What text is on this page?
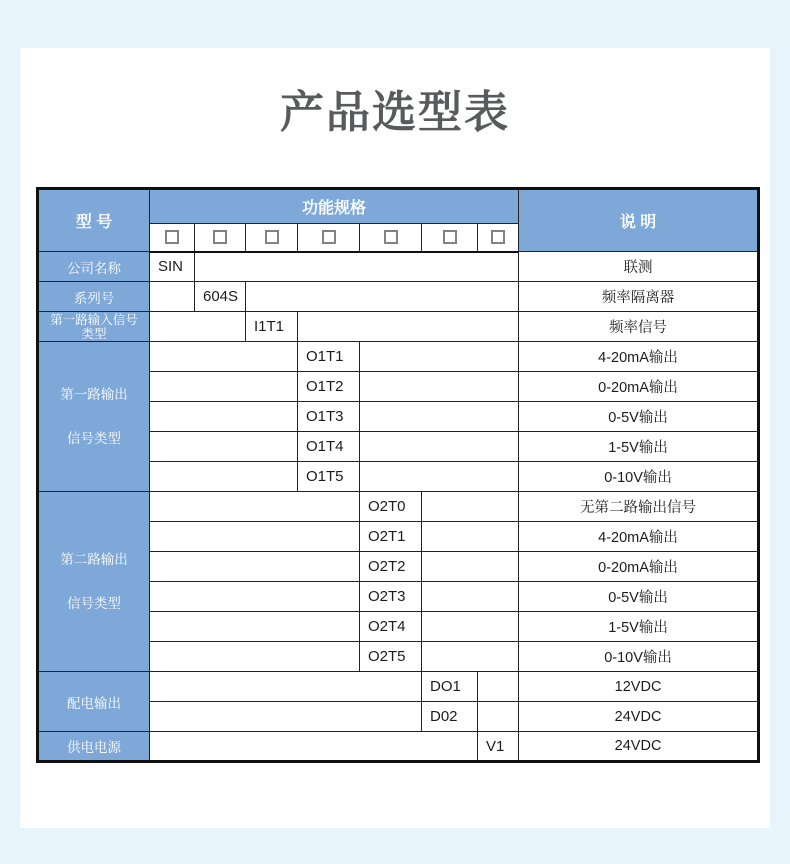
产品选型表
型 号	功能规格							说 明

公司名称	SIN							联测

系列号		604S						频率隔离器

第一路输入信号
类型			I1T1					频率信号

第一路输出
信号类型				O1T1				4-20mA输出
				O1T2				0-20mA输出
				O1T3				0-5V输出
				O1T4				1-5V输出
				O1T5				0-10V输出

第二路输出
信号类型					O2T0			无第二路输出信号
					O2T1			4-20mA输出
					O2T2			0-20mA输出
					O2T3			0-5V输出
					O2T4			1-5V输出
					O2T5			0-10V输出

配电输出						DO1		12VDC
						D02		24VDC

供电电源							V1	24VDC
